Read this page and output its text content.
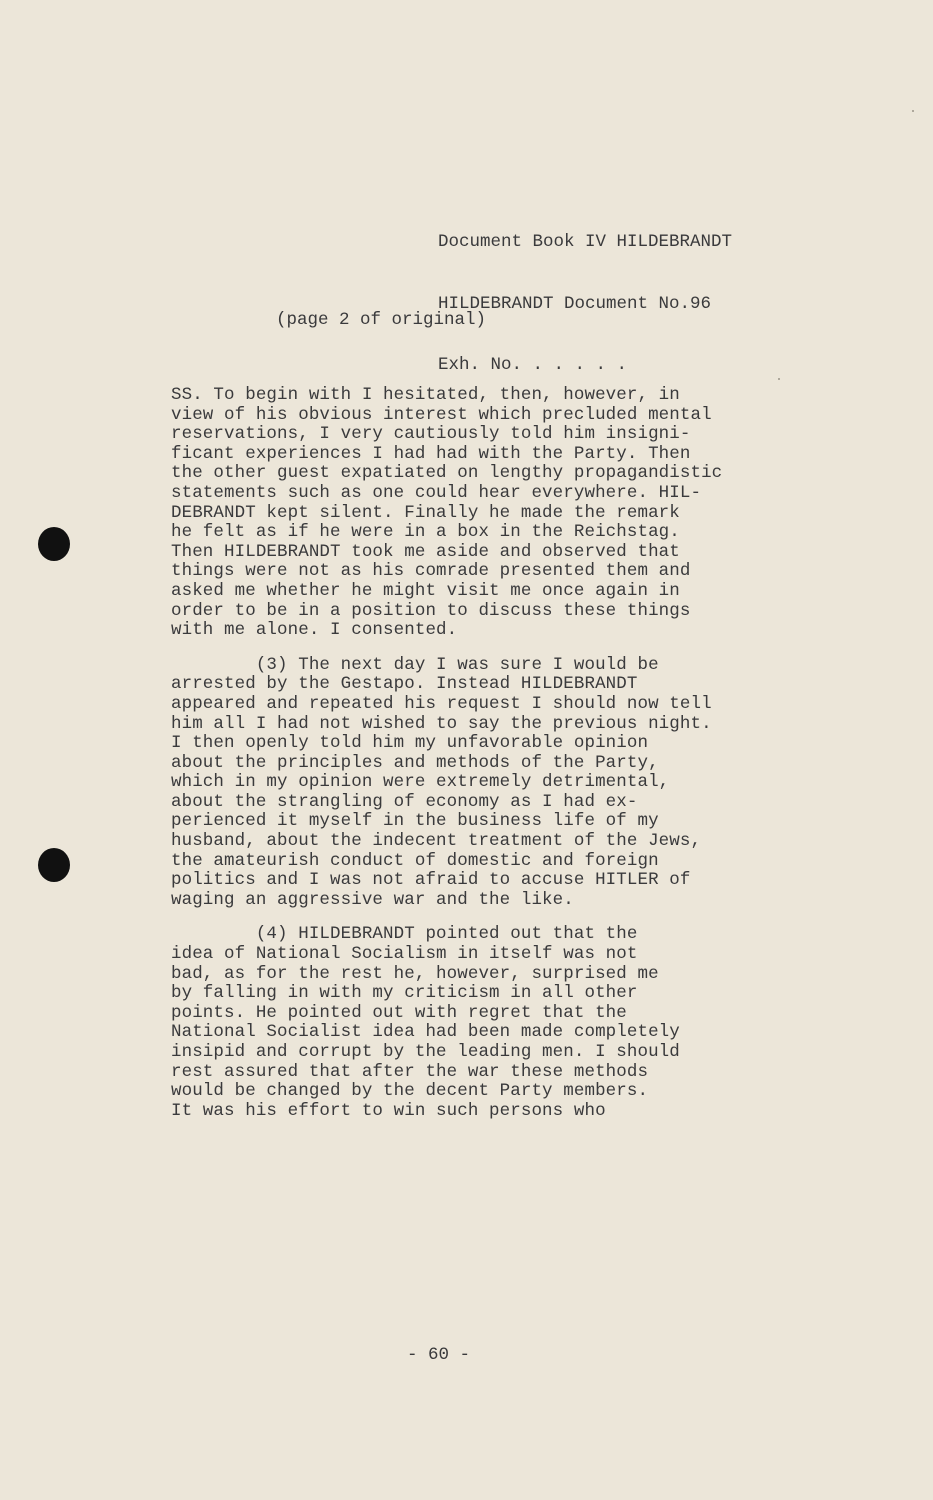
Document Book IV HILDEBRANDT

HILDEBRANDT Document No.96

Exh. No. . . . . .

(page 2 of original)
SS. To begin with I hesitated, then, however, in
view of his obvious interest which precluded mental
reservations, I very cautiously told him insigni-
ficant experiences I had had with the Party. Then
the other guest expatiated on lengthy propagandistic
statements such as one could hear everywhere. HIL-
DEBRANDT kept silent. Finally he made the remark
he felt as if he were in a box in the Reichstag.
Then HILDEBRANDT took me aside and observed that
things were not as his comrade presented them and
asked me whether he might visit me once again in
order to be in a position to discuss these things
with me alone. I consented.
(3) The next day I was sure I would be
arrested by the Gestapo. Instead HILDEBRANDT
appeared and repeated his request I should now tell
him all I had not wished to say the previous night.
I then openly told him my unfavorable opinion
about the principles and methods of the Party,
which in my opinion were extremely detrimental,
about the strangling of economy as I had ex-
perienced it myself in the business life of my
husband, about the indecent treatment of the Jews,
the amateurish conduct of domestic and foreign
politics and I was not afraid to accuse HITLER of
waging an aggressive war and the like.
(4) HILDEBRANDT pointed out that the
idea of National Socialism in itself was not
bad, as for the rest he, however, surprised me
by falling in with my criticism in all other
points. He pointed out with regret that the
National Socialist idea had been made completely
insipid and corrupt by the leading men. I should
rest assured that after the war these methods
would be changed by the decent Party members.
It was his effort to win such persons who
- 60 -
